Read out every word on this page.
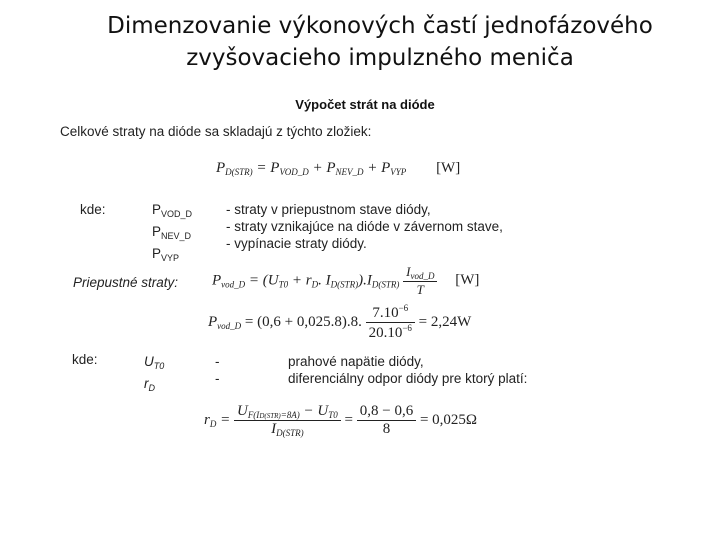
Dimenzovanie výkonových častí jednofázového
zvyšovacieho impulzného meniča
Výpočet strát na dióde
Celkové straty na dióde sa skladajú z týchto zložiek:
$P_{D(STR)} = P_{VOD\_D} + P_{NEV\_D} + P_{VYP}$ [W]
kde:	$P_{VOD\_D}$
$P_{NEV\_D}$
$P_{VYP}$
- straty v priepustnom stave diódy,
- straty vznikajúce na dióde v závernom stave,
- vypínacie straty diódy.
Priepustné straty: $P_{vod\_D} = (U_{T0} + r_D$. $I_{D(STR)}).I_{D(STR)} \frac{I_{vod\_D}}{T} [W]$
$P_{vod\_D} = (0,6 + 0,025.8).8$. $\frac{7.10^{-6}}{20.10^{-6}} = 2,24W$
kde:	$U_{T0}$
$r_D$
-
-
prahové napätie diódy,
diferenciálny odpor diódy pre ktorý platí:
$r_D = \frac{U_{F(ID(STR)=8A)} - U_{T0}}{I_{D(STR)}} = \frac{0,8 - 0,6}{8} = 0,025\Omega$
